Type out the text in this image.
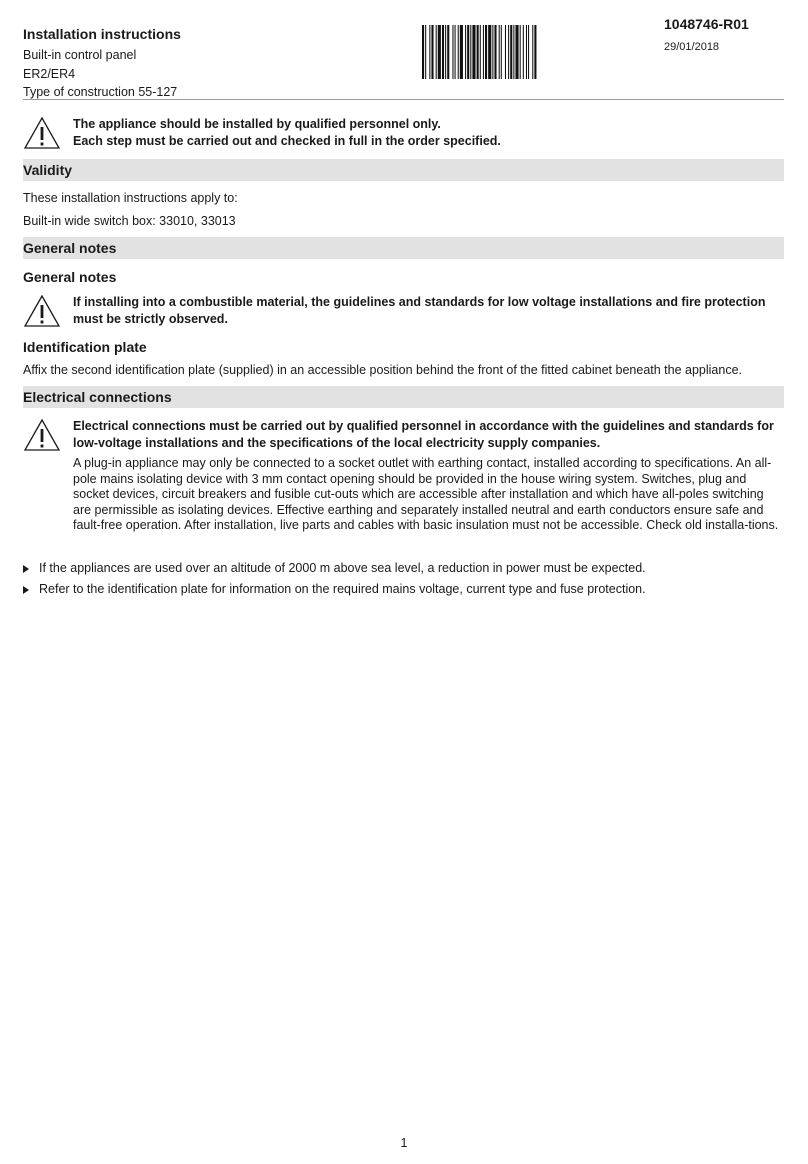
Installation instructions
Built-in control panel
ER2/ER4
Type of construction 55-127
1048746-R01
29/01/2018
The appliance should be installed by qualified personnel only.
Each step must be carried out and checked in full in the order specified.
Validity
These installation instructions apply to:
Built-in wide switch box: 33010, 33013
General notes
General notes
If installing into a combustible material, the guidelines and standards for low voltage installations and fire protection must be strictly observed.
Identification plate
Affix the second identification plate (supplied) in an accessible position behind the front of the fitted cabinet beneath the appliance.
Electrical connections
Electrical connections must be carried out by qualified personnel in accordance with the guidelines and standards for low-voltage installations and the specifications of the local electricity supply companies.
A plug-in appliance may only be connected to a socket outlet with earthing contact, installed according to specifications. An all-pole mains isolating device with 3 mm contact opening should be provided in the house wiring system. Switches, plug and socket devices, circuit breakers and fusible cut-outs which are accessible after installation and which have all-poles switching are permissible as isolating devices. Effective earthing and separately installed neutral and earth conductors ensure safe and fault-free operation. After installation, live parts and cables with basic insulation must not be accessible. Check old installa-tions.
If the appliances are used over an altitude of 2000 m above sea level, a reduction in power must be expected.
Refer to the identification plate for information on the required mains voltage, current type and fuse protection.
1
